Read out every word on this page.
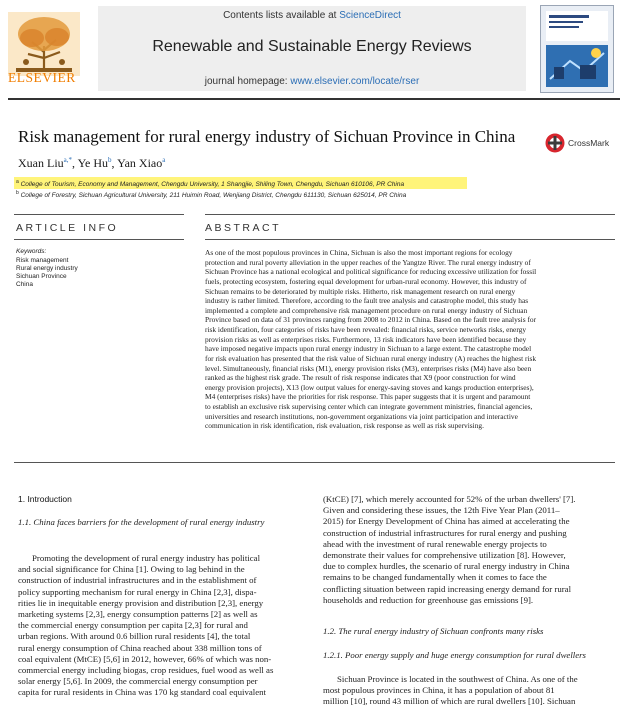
ELSEVIER
Contents lists available at ScienceDirect
Renewable and Sustainable Energy Reviews
journal homepage: www.elsevier.com/locate/rser
Risk management for rural energy industry of Sichuan Province in China	CrossMark
Xuan Liu$^{a,*}$, Ye Hu$^b$, Yan Xiao$^a$
$^a$ College of Tourism, Economy and Management, Chengdu University, 1 Shangjie, Shiling Town, Chengdu, Sichuan 610106, PR China
$^b$ College of Forestry, Sichuan Agricultural University, 211 Huimin Road, Wenjiang District, Chengdu 611130, Sichuan 625014, PR China
ARTICLE INFO	ABSTRACT
Keywords:
Risk management
Rural energy industry
Sichuan Province
China
As one of the most populous provinces in China, Sichuan is also the most important regions for ecology
protection and rural poverty alleviation in the upper reaches of the Yangtze River. The rural energy industry of
Sichuan Province has a national ecological and political significance for reducing excessive utilization for fossil
fuels, protecting ecosystem, fostering equal development for urban-rural economy. However, this industry of
Sichuan remains to be deteriorated by multiple risks. Hitherto, risk management research on rural energy
industry is rather limited. Therefore, according to the fault tree analysis and catastrophe model, this study has
implemented a complete and comprehensive risk management procedure on rural energy industry of Sichuan
Province based on data of 31 provinces ranging from 2008 to 2012 in China. Based on the fault tree analysis for
risk identification, four categories of risks have been revealed: financial risks, service networks risks, energy
provision risks as well as enterprises risks. Furthermore, 13 risk indicators have been identified because they
have imposed negative impacts upon rural energy industry in Sichuan to a large extent. The catastrophe model
for risk evaluation has presented that the risk value of Sichuan rural energy industry (A) reaches the highest risk
level. Simultaneously, financial risks (M1), energy provision risks (M3), enterprises risks (M4) have also been
ranked as the highest risk grade. The result of risk response indicates that X9 (poor construction for wind
energy provision projects), X13 (low output values for energy-saving stoves and kangs production enterprises),
M4 (enterprises risks) have the priorities for risk response. This paper suggests that it is urgent and paramount
to establish an exclusive risk supervising center which can integrate government ministries, financial agencies,
universities and research institutions, non-government organizations via joint participation and interactive
communication in risk identification, risk evaluation, risk response as well as risk supervising.
1. Introduction
1.1. China faces barriers for the development of rural energy industry
Promoting the development of rural energy industry has political
and social significance for China [1]. Owing to lag behind in the
construction of industrial infrastructures and in the establishment of
policy supporting mechanism for rural energy in China [2,3], dispa-
rities lie in inequitable energy provision and distribution [2,3], energy
marketing systems [2,3], energy consumption patterns [2] as well as
the commercial energy consumption per capita [2,3] for rural and
urban regions. With around 0.6 billion rural residents [4], the total
rural energy consumption of China reached about 338 million tons of
coal equivalent (MtCE) [5,6] in 2012, however, 66% of which was non-
commercial energy including biogas, crop residues, fuel wood as well as
solar energy [5,6]. In 2009, the commercial energy consumption per
capita for rural residents in China was 170 kg standard coal equivalent
(KtCE) [7], which merely accounted for 52% of the urban dwellers' [7].
Given and considering these issues, the 12th Five Year Plan (2011–
2015) for Energy Development of China has aimed at accelerating the
construction of industrial infrastructures for rural energy and pushing
ahead with the investment of rural renewable energy projects to
demonstrate their values for comprehensive utilization [8]. However,
due to complex hurdles, the scenario of rural energy industry in China
remains to be changed fundamentally when it comes to face the
conflicting situation between rapid increasing energy demand for rural
households and reduction for greenhouse gas emissions [9].
1.2. The rural energy industry of Sichuan confronts many risks
1.2.1. Poor energy supply and huge energy consumption for rural dwellers
Sichuan Province is located in the southwest of China. As one of the
most populous provinces in China, it has a population of about 81
million [10], round 43 million of which are rural dwellers [10]. Sichuan
